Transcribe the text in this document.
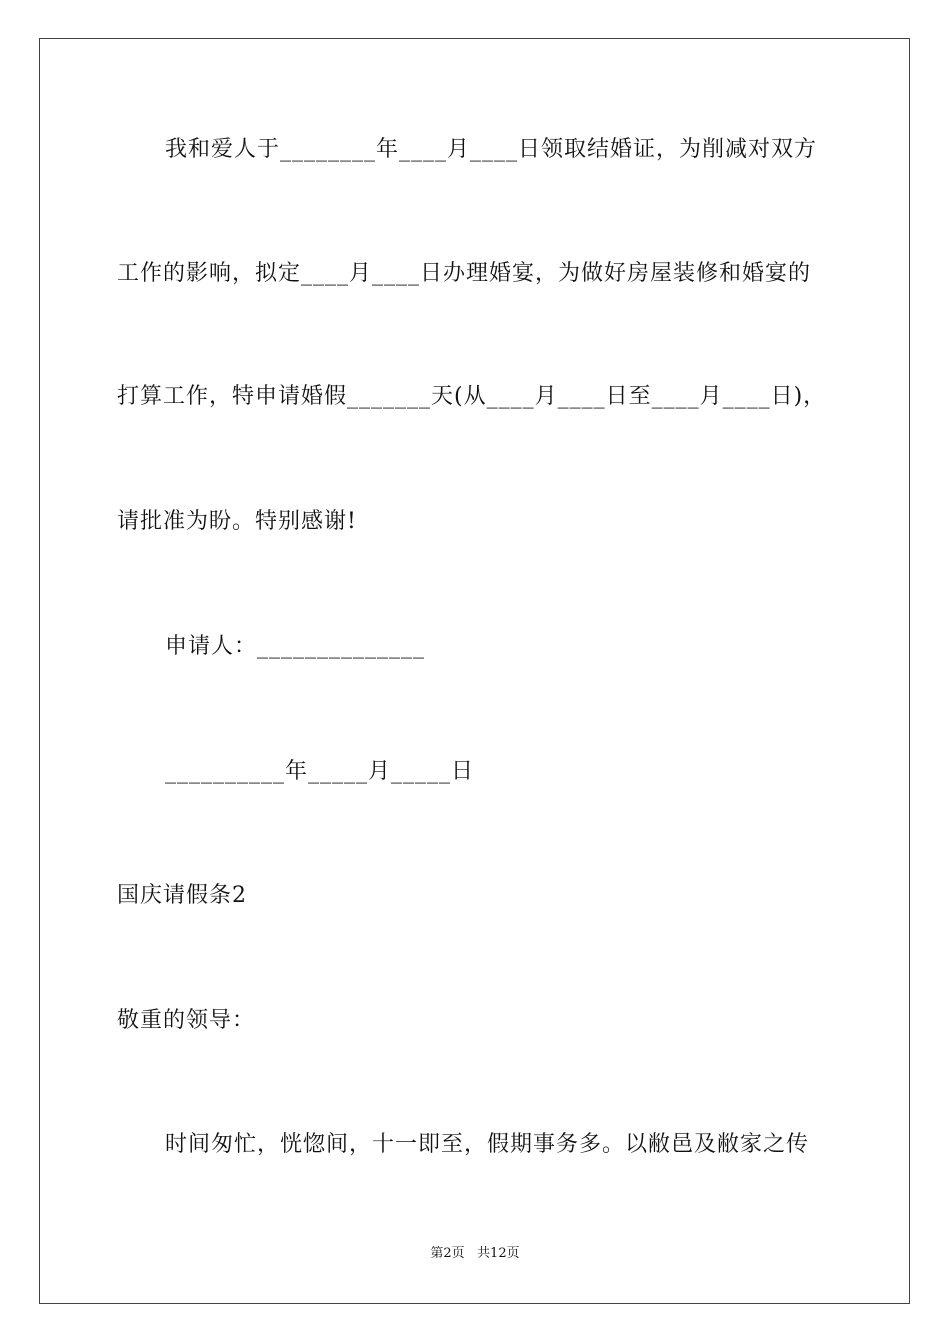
我和爱人于________年____月____日领取结婚证，为削减对双方
工作的影响，拟定____月____日办理婚宴，为做好房屋装修和婚宴的
打算工作，特申请婚假_______天(从____月____日至____月____日)，
请批准为盼。特别感谢!
申请人：______________
__________年_____月_____日
国庆请假条2
敬重的领导：
时间匆忙，恍惚间，十一即至，假期事务多。以敝邑及敝家之传
第2页   共12页
